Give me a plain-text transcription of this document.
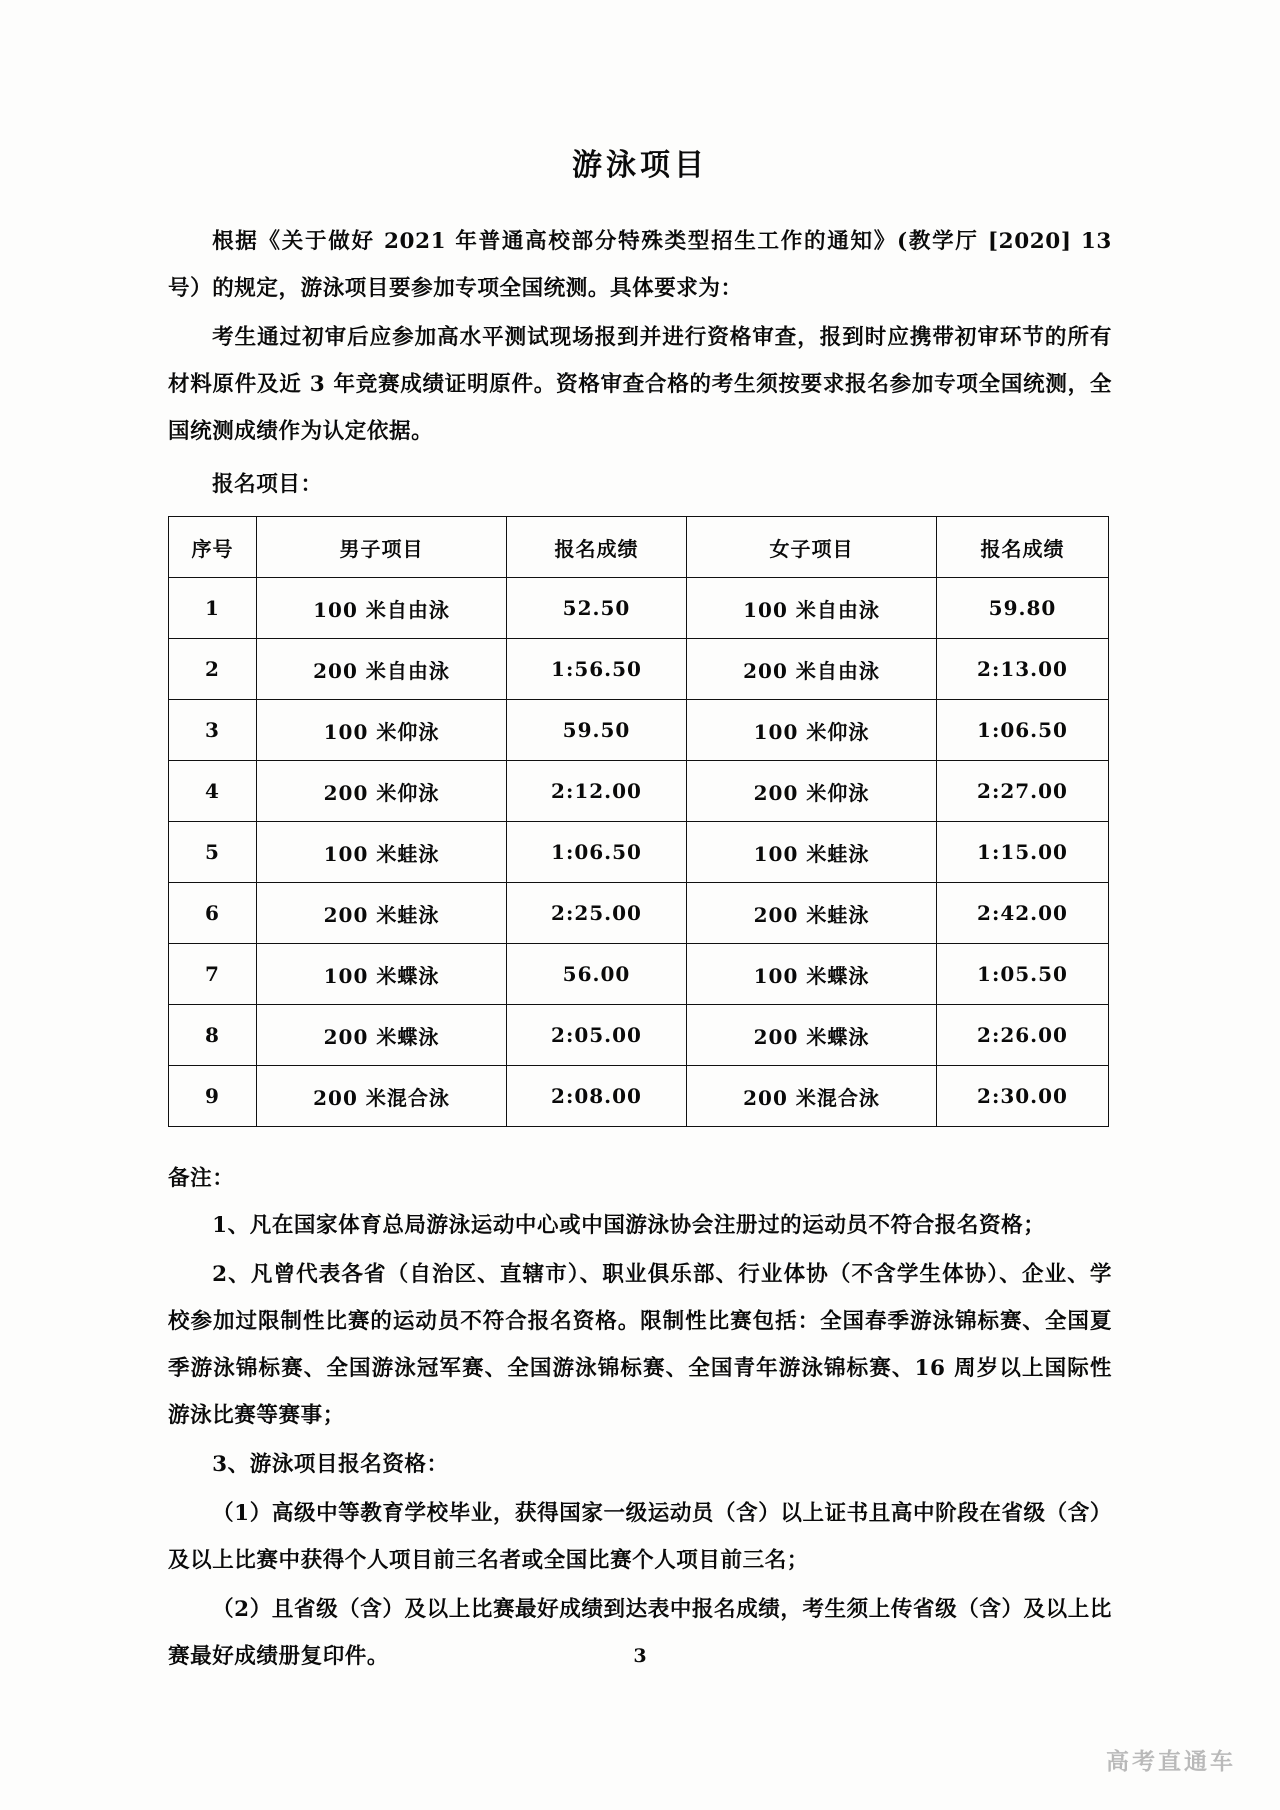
游泳项目

根据《关于做好 2021 年普通高校部分特殊类型招生工作的通知》(教学厅 [2020] 13 号）的规定，游泳项目要参加专项全国统测。具体要求为：

考生通过初审后应参加高水平测试现场报到并进行资格审查，报到时应携带初审环节的所有材料原件及近 3 年竞赛成绩证明原件。资格审查合格的考生须按要求报名参加专项全国统测，全国统测成绩作为认定依据。

报名项目：

序号	男子项目	报名成绩	女子项目	报名成绩
1	100 米自由泳	52.50	100 米自由泳	59.80
2	200 米自由泳	1:56.50	200 米自由泳	2:13.00
3	100 米仰泳	59.50	100 米仰泳	1:06.50
4	200 米仰泳	2:12.00	200 米仰泳	2:27.00
5	100 米蛙泳	1:06.50	100 米蛙泳	1:15.00
6	200 米蛙泳	2:25.00	200 米蛙泳	2:42.00
7	100 米蝶泳	56.00	100 米蝶泳	1:05.50
8	200 米蝶泳	2:05.00	200 米蝶泳	2:26.00
9	200 米混合泳	2:08.00	200 米混合泳	2:30.00

备注：

1、凡在国家体育总局游泳运动中心或中国游泳协会注册过的运动员不符合报名资格；

2、凡曾代表各省（自治区、直辖市）、职业俱乐部、行业体协（不含学生体协）、企业、学校参加过限制性比赛的运动员不符合报名资格。限制性比赛包括：全国春季游泳锦标赛、全国夏季游泳锦标赛、全国游泳冠军赛、全国游泳锦标赛、全国青年游泳锦标赛、16 周岁以上国际性游泳比赛等赛事；

3、游泳项目报名资格：

（1）高级中等教育学校毕业，获得国家一级运动员（含）以上证书且高中阶段在省级（含）及以上比赛中获得个人项目前三名者或全国比赛个人项目前三名；

（2）且省级（含）及以上比赛最好成绩到达表中报名成绩，考生须上传省级（含）及以上比赛最好成绩册复印件。	3
高考直通车
